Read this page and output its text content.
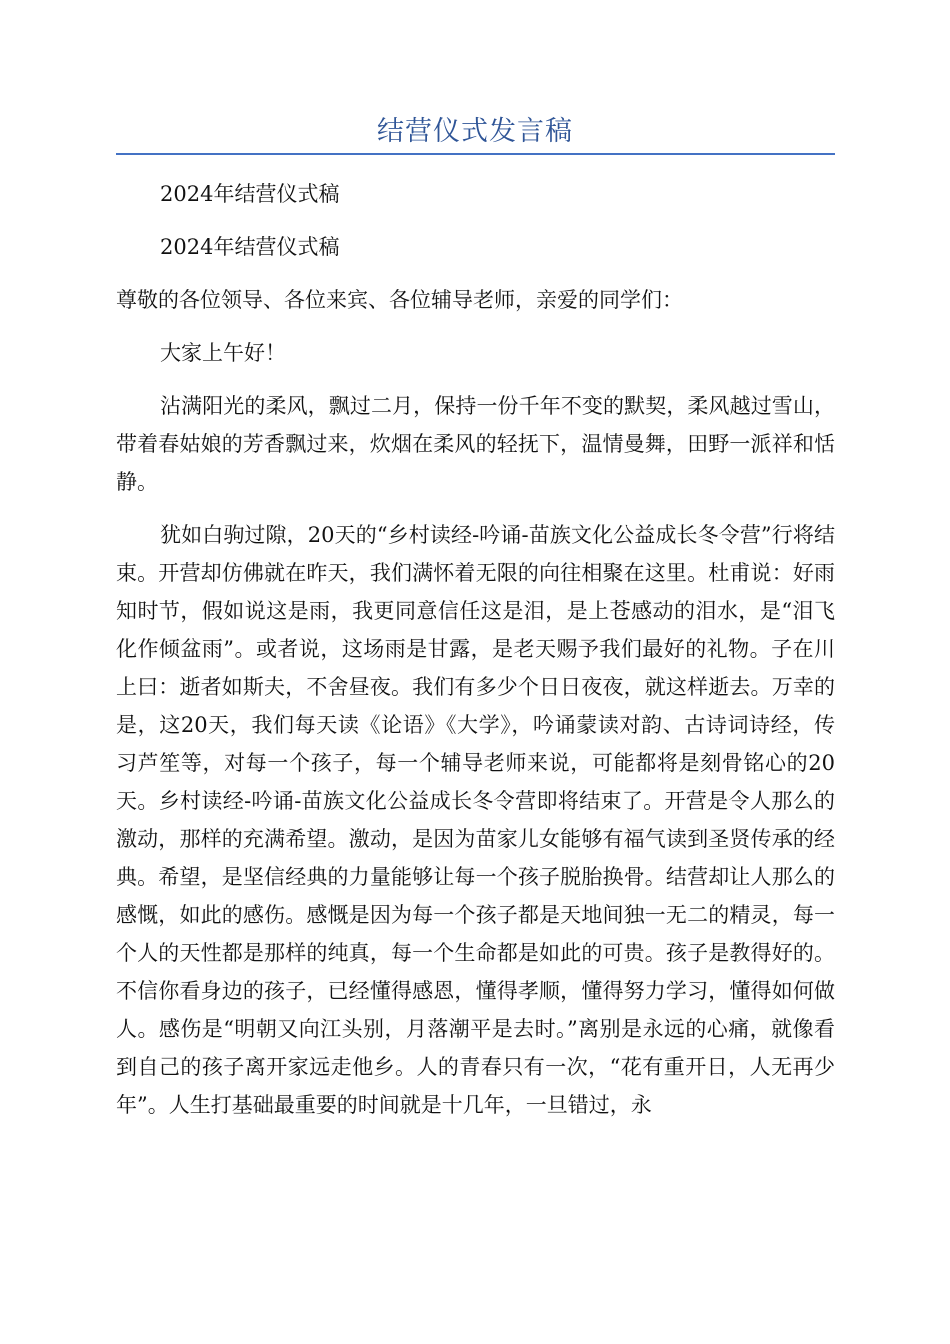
结营仪式发言稿

2024年结营仪式稿

2024年结营仪式稿

尊敬的各位领导、各位来宾、各位辅导老师，亲爱的同学们：

大家上午好！

沾满阳光的柔风，飘过二月，保持一份千年不变的默契，柔风越过雪山，带着春姑娘的芳香飘过来，炊烟在柔风的轻抚下，温情曼舞，田野一派祥和恬静。

犹如白驹过隙，20天的“乡村读经-吟诵-苗族文化公益成长冬令营”行将结束。开营却仿佛就在昨天，我们满怀着无限的向往相聚在这里。杜甫说：好雨知时节，假如说这是雨，我更同意信任这是泪，是上苍感动的泪水，是“泪飞化作倾盆雨”。或者说，这场雨是甘露，是老天赐予我们最好的礼物。子在川上曰：逝者如斯夫，不舍昼夜。我们有多少个日日夜夜，就这样逝去。万幸的是，这20天，我们每天读《论语》《大学》，吟诵蒙读对韵、古诗词诗经，传习芦笙等，对每一个孩子，每一个辅导老师来说，可能都将是刻骨铭心的20天。乡村读经-吟诵-苗族文化公益成长冬令营即将结束了。开营是令人那么的激动，那样的充满希望。激动，是因为苗家儿女能够有福气读到圣贤传承的经典。希望，是坚信经典的力量能够让每一个孩子脱胎换骨。结营却让人那么的感慨，如此的感伤。感慨是因为每一个孩子都是天地间独一无二的精灵，每一个人的天性都是那样的纯真，每一个生命都是如此的可贵。孩子是教得好的。不信你看身边的孩子，已经懂得感恩，懂得孝顺，懂得努力学习，懂得如何做人。感伤是“明朝又向江头别，月落潮平是去时。”离别是永远的心痛，就像看到自己的孩子离开家远走他乡。人的青春只有一次，“花有重开日，人无再少年”。人生打基础最重要的时间就是十几年，一旦错过，永
